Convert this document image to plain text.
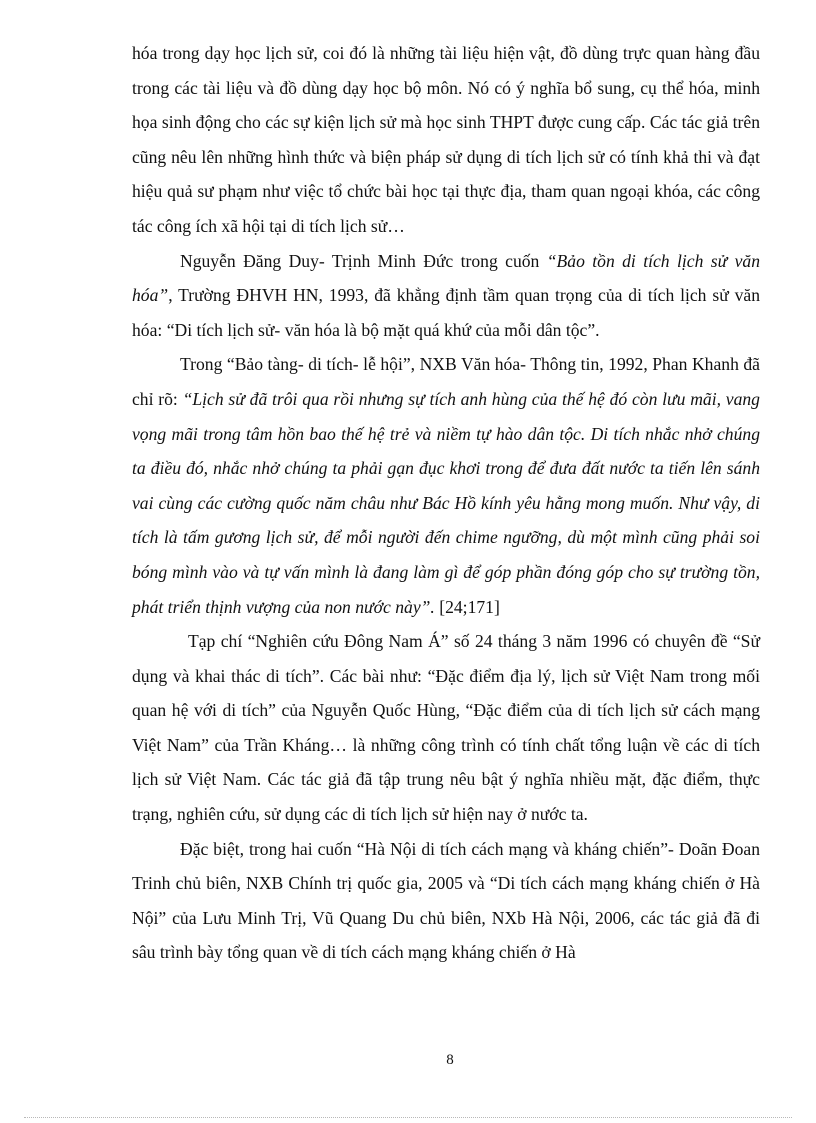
hóa trong dạy học lịch sử, coi đó là những tài liệu hiện vật, đồ dùng trực quan hàng đầu trong các tài liệu và đồ dùng dạy học bộ môn. Nó có ý nghĩa bổ sung, cụ thể hóa, minh họa sinh động cho các sự kiện lịch sử mà học sinh THPT được cung cấp. Các tác giả trên cũng nêu lên những hình thức và biện pháp sử dụng di tích lịch sử có tính khả thi và đạt hiệu quả sư phạm như việc tổ chức bài học tại thực địa, tham quan ngoại khóa, các công tác công ích xã hội tại di tích lịch sử…

Nguyễn Đăng Duy- Trịnh Minh Đức trong cuốn “Bảo tồn di tích lịch sử văn hóa”, Trường ĐHVH HN, 1993, đã khẳng định tầm quan trọng của di tích lịch sử văn hóa: “Di tích lịch sử- văn hóa là bộ mặt quá khứ của mỗi dân tộc”.

Trong “Bảo tàng- di tích- lễ hội”, NXB Văn hóa- Thông tin, 1992, Phan Khanh đã chỉ rõ: “Lịch sử đã trôi qua rồi nhưng sự tích anh hùng của thế hệ đó còn lưu mãi, vang vọng mãi trong tâm hồn bao thế hệ trẻ và niềm tự hào dân tộc. Di tích nhắc nhở chúng ta điều đó, nhắc nhở chúng ta phải gạn đục khơi trong để đưa đất nước ta tiến lên sánh vai cùng các cường quốc năm châu như Bác Hồ kính yêu hằng mong muốn. Như vậy, di tích là tấm gương lịch sử, để mỗi người đến chime ngưỡng, dù một mình cũng phải soi bóng mình vào và tự vấn mình là đang làm gì để góp phần đóng góp cho sự trường tồn, phát triển thịnh vượng của non nước này”. [24;171]

Tạp chí “Nghiên cứu Đông Nam Á” số 24 tháng 3 năm 1996 có chuyên đề “Sử dụng và khai thác di tích”. Các bài như: “Đặc điểm địa lý, lịch sử Việt Nam trong mối quan hệ với di tích” của Nguyễn Quốc Hùng, “Đặc điểm của di tích lịch sử cách mạng Việt Nam” của Trần Kháng… là những công trình có tính chất tổng luận về các di tích lịch sử Việt Nam. Các tác giả đã tập trung nêu bật ý nghĩa nhiều mặt, đặc điểm, thực trạng, nghiên cứu, sử dụng các di tích lịch sử hiện nay ở nước ta.

Đặc biệt, trong hai cuốn “Hà Nội di tích cách mạng và kháng chiến”- Doãn Đoan Trinh chủ biên, NXB Chính trị quốc gia, 2005 và “Di tích cách mạng kháng chiến ở Hà Nội” của Lưu Minh Trị, Vũ Quang Du chủ biên, NXb Hà Nội, 2006, các tác giả đã đi sâu trình bày tổng quan về di tích cách mạng kháng chiến ở Hà

8
